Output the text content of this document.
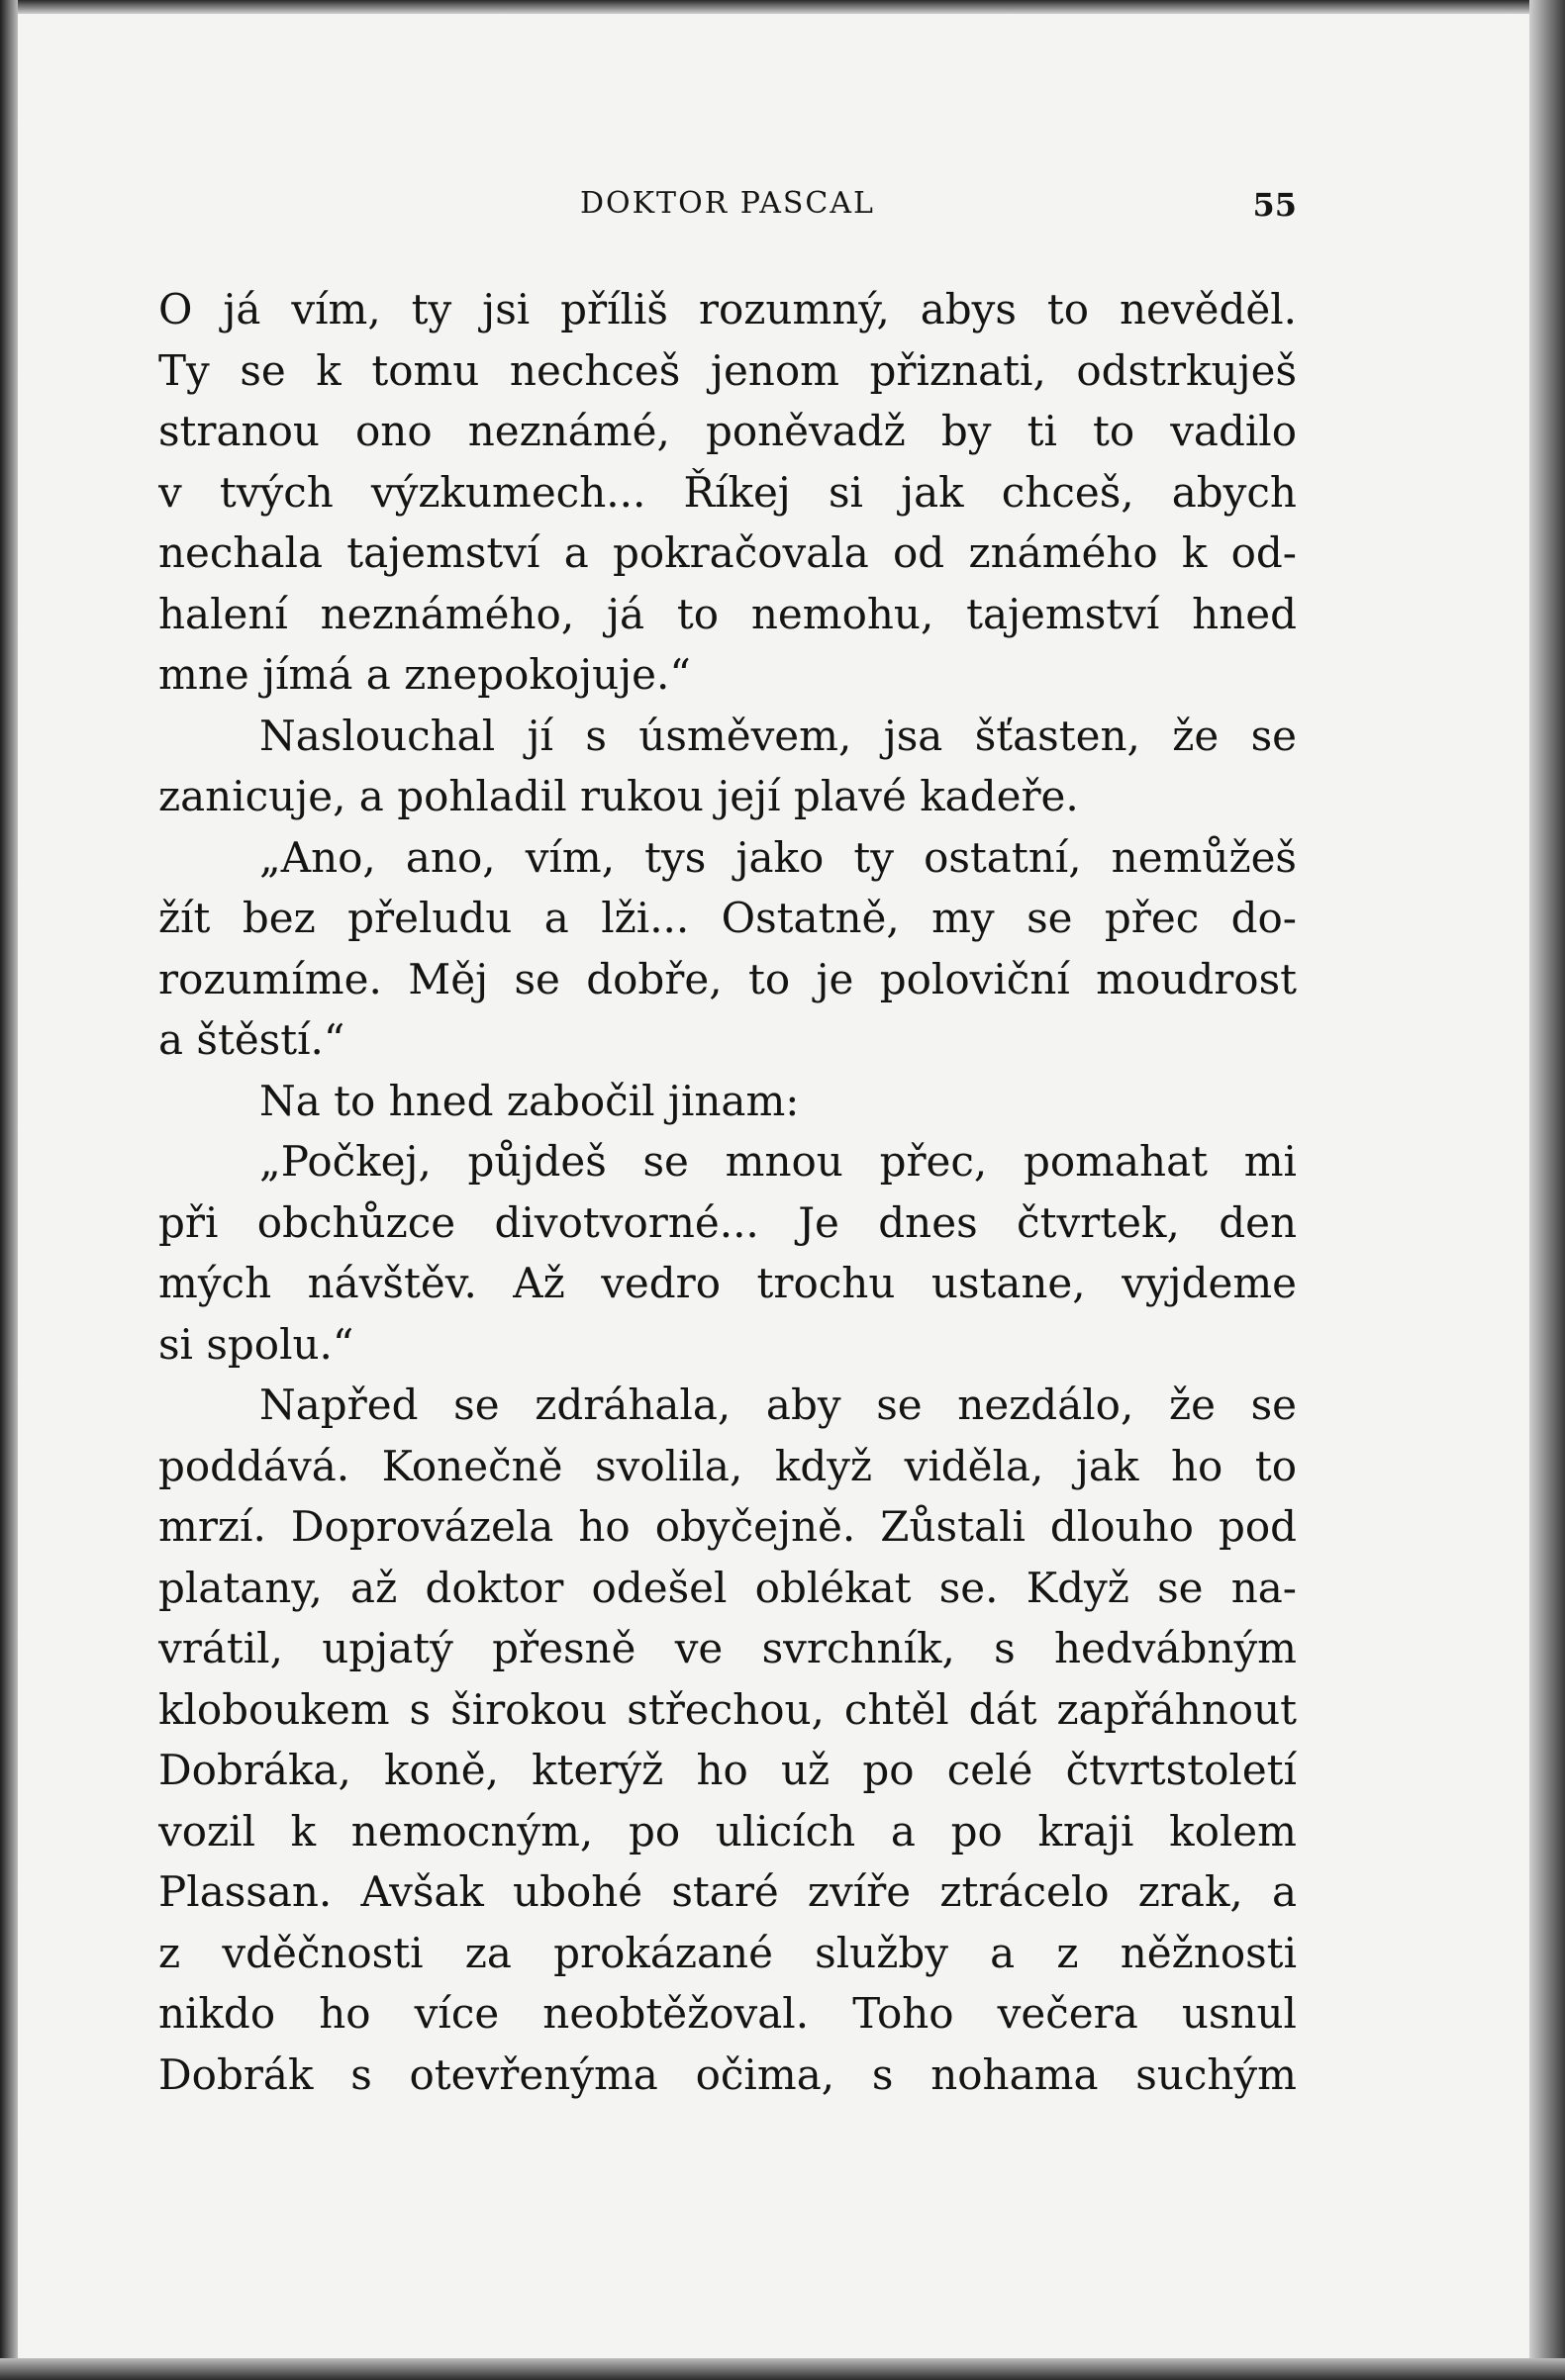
DOKTOR PASCAL	55
O já vím, ty jsi příliš rozumný, abys to nevěděl.
Ty se k tomu nechceš jenom přiznati, odstrkuješ
stranou ono neznámé, poněvadž by ti to vadilo
v tvých výzkumech... Říkej si jak chceš, abych
nechala tajemství a pokračovala od známého k od-
halení neznámého, já to nemohu, tajemství hned
mne jímá a znepokojuje.“
Naslouchal jí s úsměvem, jsa šťasten, že se
zanicuje, a pohladil rukou její plavé kadeře.
„Ano, ano, vím, tys jako ty ostatní, nemůžeš
žít bez přeludu a lži... Ostatně, my se přec do-
rozumíme. Měj se dobře, to je poloviční moudrost
a štěstí.“
Na to hned zabočil jinam:
„Počkej, půjdeš se mnou přec, pomahat mi
při obchůzce divotvorné... Je dnes čtvrtek, den
mých návštěv. Až vedro trochu ustane, vyjdeme
si spolu.“
Napřed se zdráhala, aby se nezdálo, že se
poddává. Konečně svolila, když viděla, jak ho to
mrzí. Doprovázela ho obyčejně. Zůstali dlouho pod
platany, až doktor odešel oblékat se. Když se na-
vrátil, upjatý přesně ve svrchník, s hedvábným
kloboukem s širokou střechou, chtěl dát zapřáhnout
Dobráka, koně, kterýž ho už po celé čtvrtstoletí
vozil k nemocným, po ulicích a po kraji kolem
Plassan. Avšak ubohé staré zvíře ztrácelo zrak, a
z vděčnosti za prokázané služby a z něžnosti
nikdo ho více neobtěžoval. Toho večera usnul
Dobrák s otevřenýma očima, s nohama suchým
